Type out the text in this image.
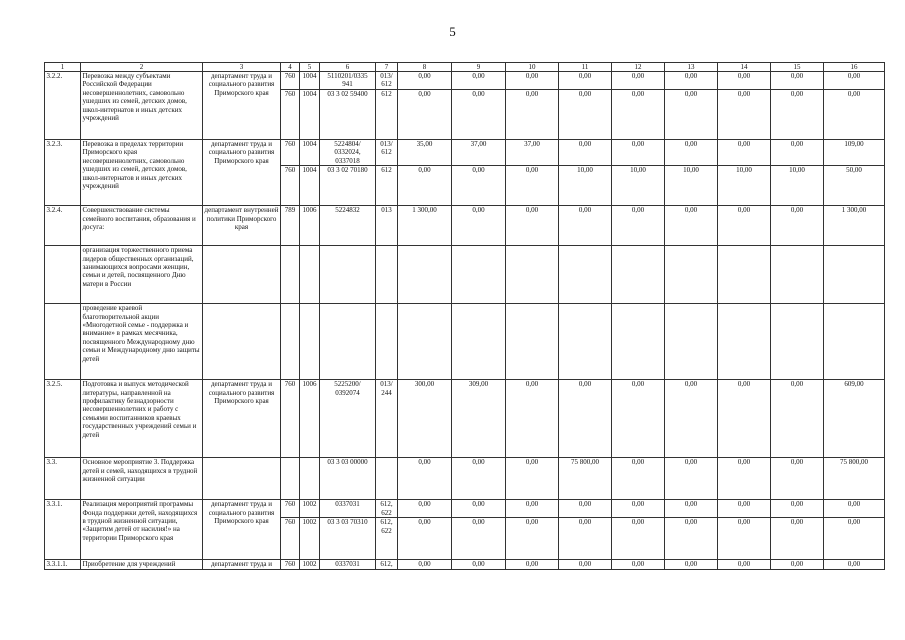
5
1	2	3	4	5	6	7	8	9	10	11	12	13	14	15	16
3.2.2.	Перевозка между субъектами Российской Федерации несовершеннолетних, самовольно ушедших из семей, детских домов, школ-интернатов и иных детских учреждений	департамент труда и социального развития Приморского края	760	1004	5110201/0335 941	013/ 612	0,00	0,00	0,00	0,00	0,00	0,00	0,00	0,00	0,00
			760	1004	03 3 02 59400	612	0,00	0,00	0,00	0,00	0,00	0,00	0,00	0,00	0,00
3.2.3.	Перевозка в пределах территории Приморского края несовершеннолетних, самовольно ушедших из семей, детских домов, школ-интернатов и иных детских учреждений	департамент труда и социального развития Приморского края	760	1004	5224804/ 0332024, 0337018	013/ 612	35,00	37,00	37,00	0,00	0,00	0,00	0,00	0,00	109,00
			760	1004	03 3 02 70180	612	0,00	0,00	0,00	10,00	10,00	10,00	10,00	10,00	50,00
3.2.4.	Совершенствование системы семейного воспитания, образования и досуга:	департамент внутренней политики Приморского края	789	1006	5224832	013	1 300,00	0,00	0,00	0,00	0,00	0,00	0,00	0,00	1 300,00
	организация торжественного приема лидеров общественных организаций, занимающихся вопросами женщин, семьи и детей, посвященного Дню матери в России														
	проведение краевой благотворительной акции «Многодетной семье - поддержка и внимание» в рамках месячника, посвященного Международному дню семьи и Международному дню защиты детей														
3.2.5.	Подготовка и выпуск методической литературы, направленной на профилактику безнадзорности несовершеннолетних и работу с семьями воспитанников краевых государственных учреждений семьи и детей	департамент труда и социального развития Приморского края	760	1006	5225200/ 0392074	013/ 244	300,00	309,00	0,00	0,00	0,00	0,00	0,00	0,00	609,00
3.3.	Основное мероприятие 3. Поддержка детей и семей, находящихся в трудной жизненной ситуации				03 3 03 00000		0,00	0,00	0,00	75 800,00	0,00	0,00	0,00	0,00	75 800,00
3.3.1.	Реализация мероприятий программы Фонда поддержки детей, находящихся в трудной жизненной ситуации, «Защитим детей от насилия!» на территории Приморского края	департамент труда и социального развития Приморского края	760	1002	0337031	612, 622	0,00	0,00	0,00	0,00	0,00	0,00	0,00	0,00	0,00
			760	1002	03 3 03 70310	612, 622	0,00	0,00	0,00	0,00	0,00	0,00	0,00	0,00	0,00
3.3.1.1.	Приобретение для учреждений	департамент труда и	760	1002	0337031	612,	0,00	0,00	0,00	0,00	0,00	0,00	0,00	0,00	0,00
